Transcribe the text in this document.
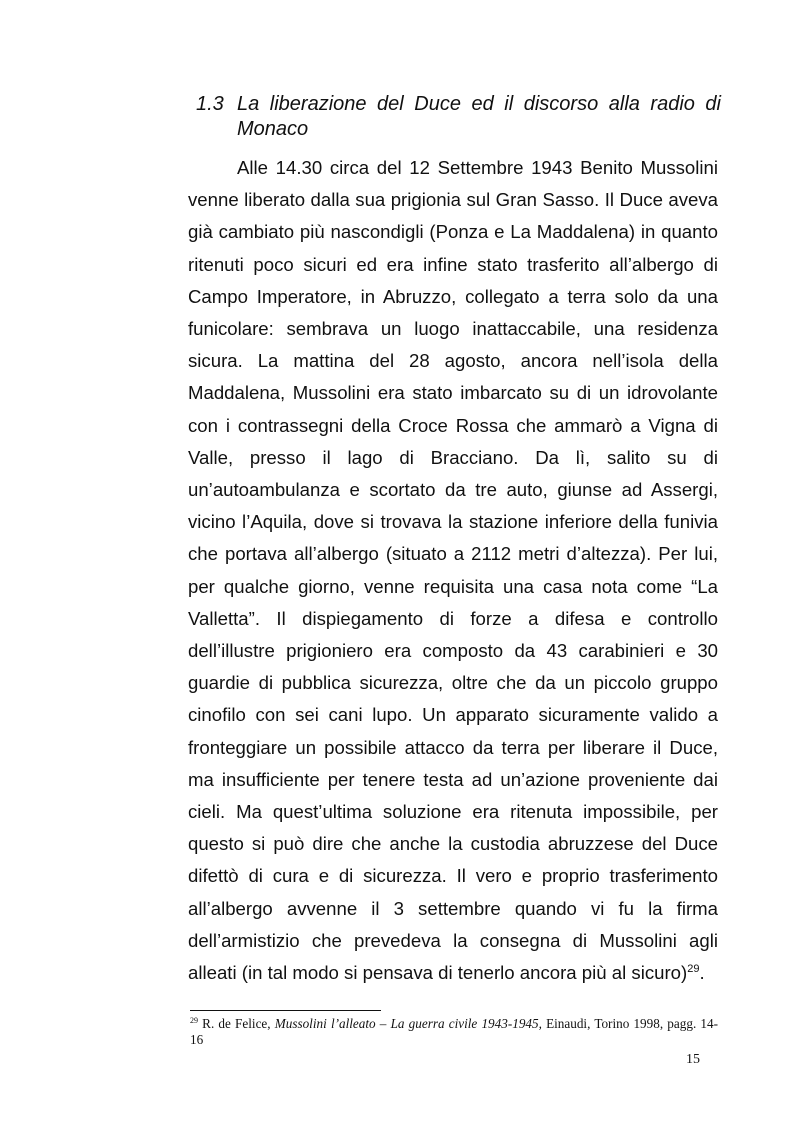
1.3 La liberazione del Duce ed il discorso alla radio di Monaco

Alle 14.30 circa del 12 Settembre 1943 Benito Mussolini venne liberato dalla sua prigionia sul Gran Sasso. Il Duce aveva già cambiato più nascondigli (Ponza e La Maddalena) in quanto ritenuti poco sicuri ed era infine stato trasferito all’albergo di Campo Imperatore, in Abruzzo, collegato a terra solo da una funicolare: sembrava un luogo inattaccabile, una residenza sicura. La mattina del 28 agosto, ancora nell’isola della Maddalena, Mussolini era stato imbarcato su di un idrovolante con i contrassegni della Croce Rossa che ammarò a Vigna di Valle, presso il lago di Bracciano. Da lì, salito su di un’autoambulanza e scortato da tre auto, giunse ad Assergi, vicino l’Aquila, dove si trovava la stazione inferiore della funivia che portava all’albergo (situato a 2112 metri d’altezza). Per lui, per qualche giorno, venne requisita una casa nota come “La Valletta”. Il dispiegamento di forze a difesa e controllo dell’illustre prigioniero era composto da 43 carabinieri e 30 guardie di pubblica sicurezza, oltre che da un piccolo gruppo cinofilo con sei cani lupo. Un apparato sicuramente valido a fronteggiare un possibile attacco da terra per liberare il Duce, ma insufficiente per tenere testa ad un’azione proveniente dai cieli. Ma quest’ultima soluzione era ritenuta impossibile, per questo si può dire che anche la custodia abruzzese del Duce difettò di cura e di sicurezza. Il vero e proprio trasferimento all’albergo avvenne il 3 settembre quando vi fu la firma dell’armistizio che prevedeva la consegna di Mussolini agli alleati (in tal modo si pensava di tenerlo ancora più al sicuro)$^{29}$.

$^{29}$ R. de Felice, Mussolini l’alleato – La guerra civile 1943-1945, Einaudi, Torino 1998, pagg. 14-16

15
